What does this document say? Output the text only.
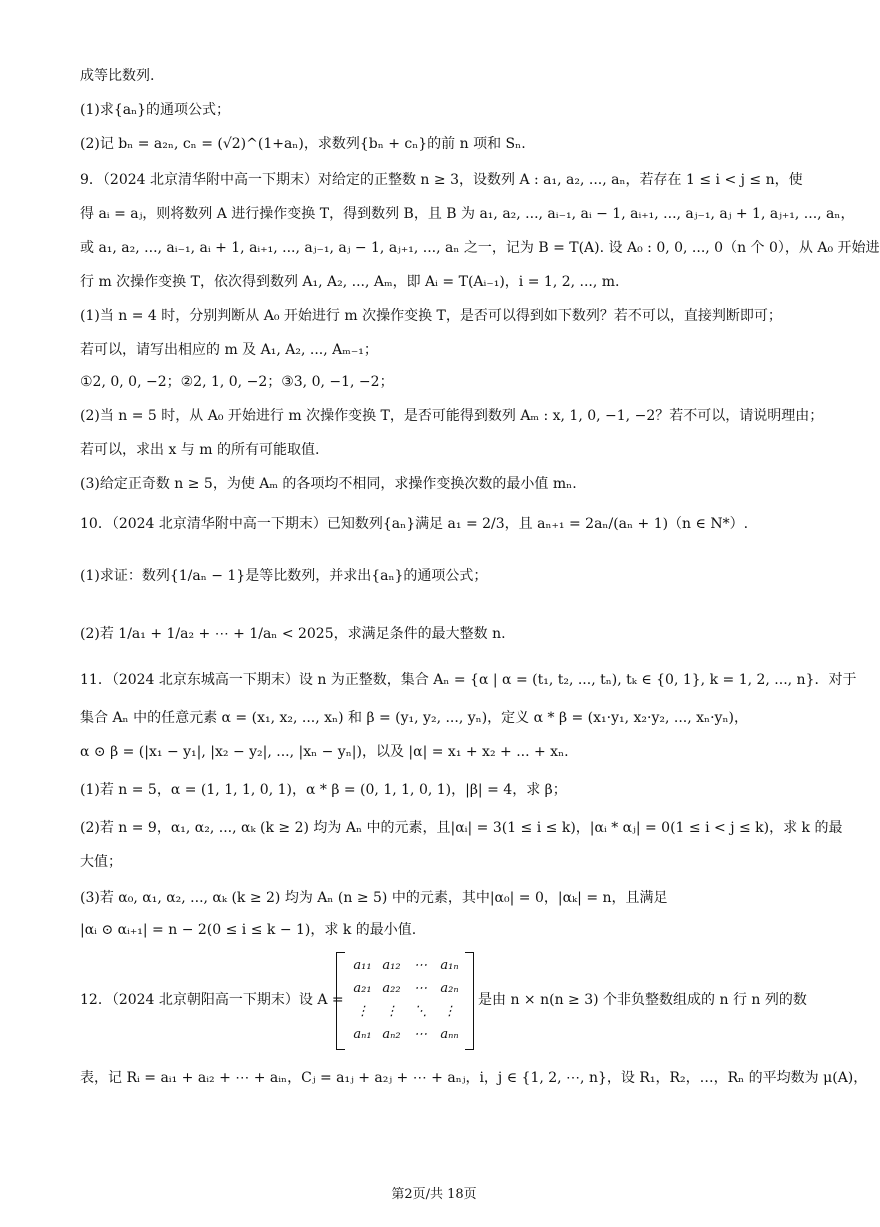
成等比数列.
(1)求{aₙ}的通项公式；
(2)记 bₙ = a₂ₙ, cₙ = (√2)^(1+aₙ)，求数列{bₙ + cₙ}的前 n 项和 Sₙ.
9．（2024 北京清华附中高一下期末）对给定的正整数 n ≥ 3，设数列 A : a₁, a₂, ..., aₙ，若存在 1 ≤ i < j ≤ n，使
得 aᵢ = aⱼ，则将数列 A 进行操作变换 T，得到数列 B，且 B 为 a₁, a₂, ..., aᵢ₋₁, aᵢ − 1, aᵢ₊₁, ..., aⱼ₋₁, aⱼ + 1, aⱼ₊₁, ..., aₙ，
或 a₁, a₂, ..., aᵢ₋₁, aᵢ + 1, aᵢ₊₁, ..., aⱼ₋₁, aⱼ − 1, aⱼ₊₁, ..., aₙ 之一，记为 B = T(A). 设 A₀ : 0, 0, ..., 0（n 个 0），从 A₀ 开始进
行 m 次操作变换 T，依次得到数列 A₁, A₂, ..., Aₘ，即 Aᵢ = T(Aᵢ₋₁)，i = 1, 2, ..., m.
(1)当 n = 4 时，分别判断从 A₀ 开始进行 m 次操作变换 T，是否可以得到如下数列？若不可以，直接判断即可；
若可以，请写出相应的 m 及 A₁, A₂, ..., Aₘ₋₁；
①2, 0, 0, −2；②2, 1, 0, −2；③3, 0, −1, −2；
(2)当 n = 5 时，从 A₀ 开始进行 m 次操作变换 T，是否可能得到数列 Aₘ : x, 1, 0, −1, −2？若不可以，请说明理由；
若可以，求出 x 与 m 的所有可能取值.
(3)给定正奇数 n ≥ 5，为使 Aₘ 的各项均不相同，求操作变换次数的最小值 mₙ.
10．（2024 北京清华附中高一下期末）已知数列{aₙ}满足 a₁ = 2/3，且 aₙ₊₁ = 2aₙ/(aₙ + 1)（n ∈ N*）.
(1)求证：数列{1/aₙ − 1}是等比数列，并求出{aₙ}的通项公式；
(2)若 1/a₁ + 1/a₂ + ⋯ + 1/aₙ < 2025，求满足条件的最大整数 n.
11．（2024 北京东城高一下期末）设 n 为正整数，集合 Aₙ = {α | α = (t₁, t₂, ..., tₙ), tₖ ∈ {0, 1}, k = 1, 2, ..., n}．对于
集合 Aₙ 中的任意元素 α = (x₁, x₂, ..., xₙ) 和 β = (y₁, y₂, ..., yₙ)，定义 α * β = (x₁·y₁, x₂·y₂, ..., xₙ·yₙ)，
α ⊙ β = (|x₁ − y₁|, |x₂ − y₂|, ..., |xₙ − yₙ|)，以及 |α| = x₁ + x₂ + ... + xₙ.
(1)若 n = 5，α = (1, 1, 1, 0, 1)，α * β = (0, 1, 1, 0, 1)，|β| = 4，求 β；
(2)若 n = 9，α₁, α₂, ..., αₖ (k ≥ 2) 均为 Aₙ 中的元素，且|αᵢ| = 3(1 ≤ i ≤ k)，|αᵢ * αⱼ| = 0(1 ≤ i < j ≤ k)，求 k 的最
大值；
(3)若 α₀, α₁, α₂, ..., αₖ (k ≥ 2) 均为 Aₙ (n ≥ 5) 中的元素，其中|α₀| = 0，|αₖ| = n，且满足
|αᵢ ⊙ αᵢ₊₁| = n − 2(0 ≤ i ≤ k − 1)，求 k 的最小值.
12．（2024 北京朝阳高一下期末）设 A =
a₁₁ a₁₂	⋯	a₁ₙ
a₂₁ a₂₂	⋯	a₂ₙ
⋮	⋮	⋱	⋮
aₙ₁ aₙ₂	⋯	aₙₙ
是由 n × n(n ≥ 3) 个非负整数组成的 n 行 n 列的数
表，记 Rᵢ = aᵢ₁ + aᵢ₂ + ⋯ + aᵢₙ，Cⱼ = a₁ⱼ + a₂ⱼ + ⋯ + aₙⱼ，i，j ∈ {1, 2, ⋯, n}，设 R₁，R₂，…，Rₙ 的平均数为 μ(A)，
第2页/共 18页
